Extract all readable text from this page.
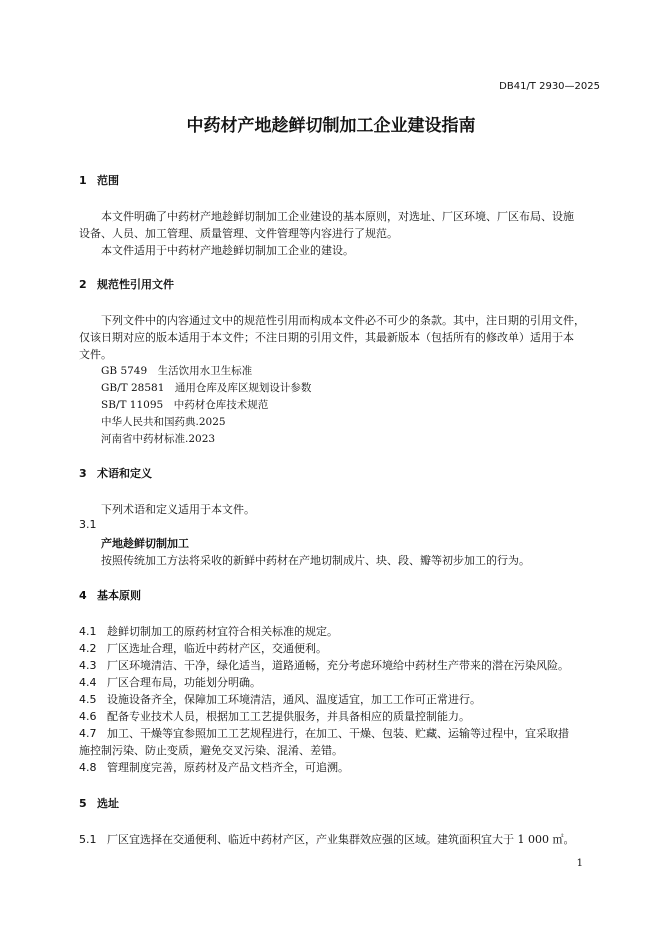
DB41/T 2930—2025
中药材产地趁鲜切制加工企业建设指南
1 范围
本文件明确了中药材产地趁鲜切制加工企业建设的基本原则，对选址、厂区环境、厂区布局、设施
设备、人员、加工管理、质量管理、文件管理等内容进行了规范。
本文件适用于中药材产地趁鲜切制加工企业的建设。
2 规范性引用文件
下列文件中的内容通过文中的规范性引用而构成本文件必不可少的条款。其中，注日期的引用文件，
仅该日期对应的版本适用于本文件；不注日期的引用文件，其最新版本（包括所有的修改单）适用于本
文件。
GB 5749　生活饮用水卫生标准
GB/T 28581　通用仓库及库区规划设计参数
SB/T 11095　中药材仓库技术规范
中华人民共和国药典.2025
河南省中药材标准.2023
3 术语和定义
下列术语和定义适用于本文件。
3.1
产地趁鲜切制加工
按照传统加工方法将采收的新鲜中药材在产地切制成片、块、段、瓣等初步加工的行为。
4 基本原则
4.1 趁鲜切制加工的原药材宜符合相关标准的规定。
4.2 厂区选址合理，临近中药材产区，交通便利。
4.3 厂区环境清洁、干净，绿化适当，道路通畅，充分考虑环境给中药材生产带来的潜在污染风险。
4.4 厂区合理布局，功能划分明确。
4.5 设施设备齐全，保障加工环境清洁，通风、温度适宜，加工工作可正常进行。
4.6 配备专业技术人员，根据加工工艺提供服务，并具备相应的质量控制能力。
4.7 加工、干燥等宜参照加工工艺规程进行，在加工、干燥、包装、贮藏、运输等过程中，宜采取措
施控制污染、防止变质，避免交叉污染、混淆、差错。
4.8 管理制度完善，原药材及产品文档齐全，可追溯。
5 选址
5.1 厂区宜选择在交通便利、临近中药材产区，产业集群效应强的区域。建筑面积宜大于 1 000 ㎡。
1
